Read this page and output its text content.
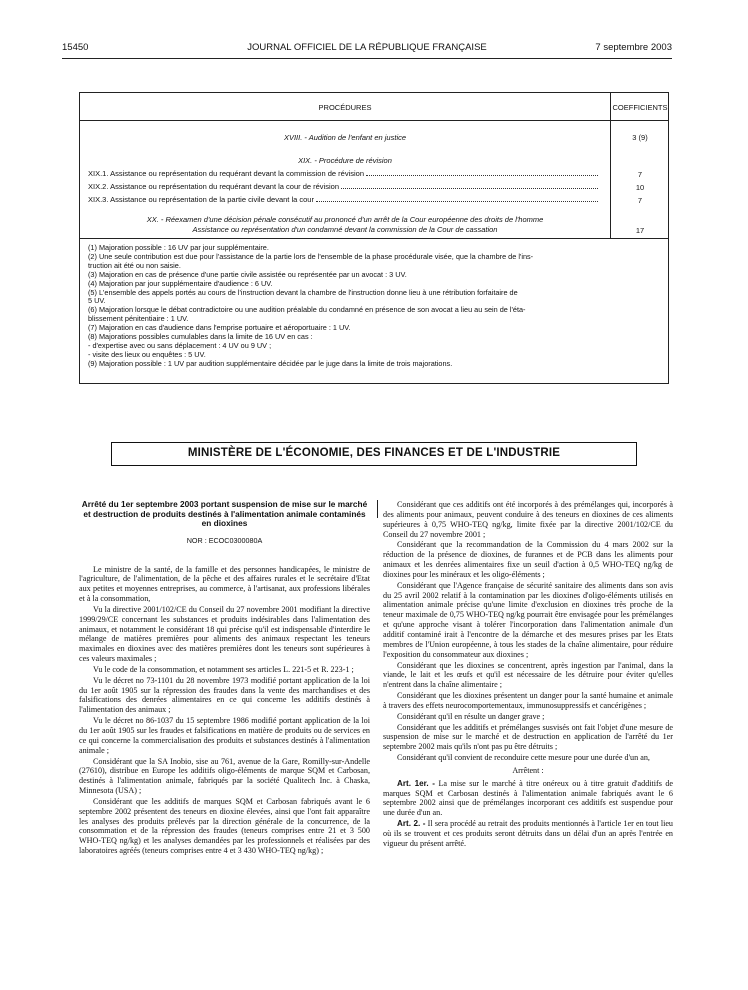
15450	JOURNAL OFFICIEL DE LA RÉPUBLIQUE FRANÇAISE	7 septembre 2003
PROCÉDURES	COEFFICIENTS
XVIII. - Audition de l'enfant en justice	3 (9)
XIX. - Procédure de révision
XIX.1. Assistance ou représentation du requérant devant la commission de révision	7
XIX.2. Assistance ou représentation du requérant devant la cour de révision	10
XIX.3. Assistance ou représentation de la partie civile devant la cour	7
XX. - Réexamen d'une décision pénale consécutif au prononcé d'un arrêt de la Cour européenne des droits de l'homme
Assistance ou représentation d'un condamné devant la commission de la Cour de cassation	17
(1) Majoration possible : 16 UV par jour supplémentaire.
(2) Une seule contribution est due pour l'assistance de la partie lors de l'ensemble de la phase procédurale visée, que la chambre de l'ins-
truction ait été ou non saisie.
(3) Majoration en cas de présence d'une partie civile assistée ou représentée par un avocat : 3 UV.
(4) Majoration par jour supplémentaire d'audience : 6 UV.
(5) L'ensemble des appels portés au cours de l'instruction devant la chambre de l'instruction donne lieu à une rétribution forfaitaire de
5 UV.
(6) Majoration lorsque le débat contradictoire ou une audition préalable du condamné en présence de son avocat a lieu au sein de l'éta-
blissement pénitentiaire : 1 UV.
(7) Majoration en cas d'audience dans l'emprise portuaire et aéroportuaire : 1 UV.
(8) Majorations possibles cumulables dans la limite de 16 UV en cas :
- d'expertise avec ou sans déplacement : 4 UV ou 9 UV ;
- visite des lieux ou enquêtes : 5 UV.
(9) Majoration possible : 1 UV par audition supplémentaire décidée par le juge dans la limite de trois majorations.
MINISTÈRE DE L'ÉCONOMIE, DES FINANCES ET DE L'INDUSTRIE
Arrêté du 1er septembre 2003 portant suspension de mise sur le marché et destruction de produits destinés à l'alimentation animale contaminés en dioxines
NOR : ECOC0300080A

Le ministre de la santé, de la famille et des personnes handicapées, le ministre de l'agriculture, de l'alimentation, de la pêche et des affaires rurales et le secrétaire d'Etat aux petites et moyennes entreprises, au commerce, à l'artisanat, aux professions libérales et à la consommation,

Vu la directive 2001/102/CE du Conseil du 27 novembre 2001 modifiant la directive 1999/29/CE concernant les substances et produits indésirables dans l'alimentation des animaux, et notamment le considérant 18 qui précise qu'il est indispensable d'interdire le mélange de matières premières pour aliments des animaux respectant les teneurs maximales en dioxines avec des matières premières dont les teneurs sont supérieures à ces valeurs maximales ;

Vu le code de la consommation, et notamment ses articles L. 221-5 et R. 223-1 ;

Vu le décret no 73-1101 du 28 novembre 1973 modifié portant application de la loi du 1er août 1905 sur la répression des fraudes dans la vente des marchandises et des falsifications des denrées alimentaires en ce qui concerne les additifs destinés à l'alimentation des animaux ;

Vu le décret no 86-1037 du 15 septembre 1986 modifié portant application de la loi du 1er août 1905 sur les fraudes et falsifications en matière de produits ou de services en ce qui concerne la commercialisation des produits et substances destinés à l'alimentation animale ;

Considérant que la SA Inobio, sise au 761, avenue de la Gare, Romilly-sur-Andelle (27610), distribue en Europe les additifs oligo-éléments de marque SQM et Carbosan, destinés à l'alimentation animale, fabriqués par la société Qualitech Inc. à Chaska, Minnesota (USA) ;

Considérant que les additifs de marques SQM et Carbosan fabriqués avant le 6 septembre 2002 présentent des teneurs en dioxine élevées, ainsi que l'ont fait apparaître les analyses des produits prélevés par la direction générale de la concurrence, de la consommation et de la répression des fraudes (teneurs comprises entre 21 et 3 500 WHO-TEQ ng/kg) et les analyses demandées par les professionnels et réalisées par des laboratoires agréés (teneurs comprises entre 4 et 3 430 WHO-TEQ ng/kg) ;

Considérant que ces additifs ont été incorporés à des prémélanges qui, incorporés à des aliments pour animaux, peuvent conduire à des teneurs en dioxines de ces aliments supérieures à 0,75 WHO-TEQ ng/kg, limite fixée par la directive 2001/102/CE du Conseil du 27 novembre 2001 ;

Considérant que la recommandation de la Commission du 4 mars 2002 sur la réduction de la présence de dioxines, de furannes et de PCB dans les aliments pour animaux et les denrées alimentaires fixe un seuil d'action à 0,5 WHO-TEQ ng/kg de dioxines pour les minéraux et les oligo-éléments ;

Considérant que l'Agence française de sécurité sanitaire des aliments dans son avis du 25 avril 2002 relatif à la contamination par les dioxines d'oligo-éléments utilisés en alimentation animale précise qu'une limite d'exclusion en dioxines très proche de la teneur maximale de 0,75 WHO-TEQ ng/kg pourrait être envisagée pour les prémélanges et qu'une approche visant à tolérer l'incorporation dans l'alimentation animale d'un additif contaminé irait à l'encontre de la démarche et des mesures prises par les Etats membres de l'Union européenne, à tous les stades de la chaîne alimentaire, pour réduire l'exposition du consommateur aux dioxines ;

Considérant que les dioxines se concentrent, après ingestion par l'animal, dans la viande, le lait et les œufs et qu'il est nécessaire de les détruire pour éviter qu'elles n'entrent dans la chaîne alimentaire ;

Considérant que les dioxines présentent un danger pour la santé humaine et animale à travers des effets neurocomportementaux, immunosuppressifs et cancérigènes ;

Considérant qu'il en résulte un danger grave ;

Considérant que les additifs et prémélanges susvisés ont fait l'objet d'une mesure de suspension de mise sur le marché et de destruction en application de l'arrêté du 1er septembre 2002 mais qu'ils n'ont pas pu être détruits ;

Considérant qu'il convient de reconduire cette mesure pour une durée d'un an,

Arrêtent :

Art. 1er. - La mise sur le marché à titre onéreux ou à titre gratuit d'additifs de marques SQM et Carbosan destinés à l'alimentation animale fabriqués avant le 6 septembre 2002 ainsi que de prémélanges incorporant ces additifs est suspendue pour une durée d'un an.

Art. 2. - Il sera procédé au retrait des produits mentionnés à l'article 1er en tout lieu où ils se trouvent et ces produits seront détruits dans un délai d'un an après l'entrée en vigueur du présent arrêté.
